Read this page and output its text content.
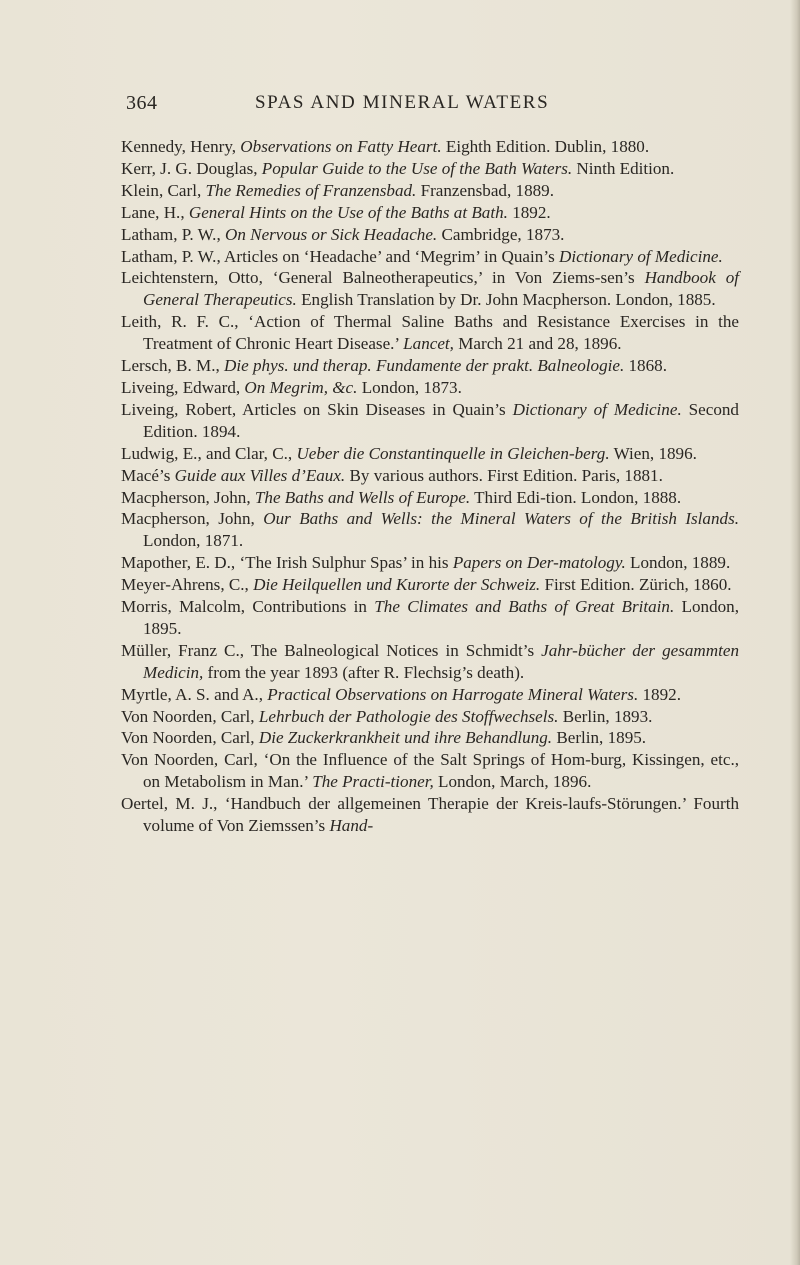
364	SPAS AND MINERAL WATERS
Kennedy, Henry, Observations on Fatty Heart. Eighth Edition. Dublin, 1880.
Kerr, J. G. Douglas, Popular Guide to the Use of the Bath Waters. Ninth Edition.
Klein, Carl, The Remedies of Franzensbad. Franzensbad, 1889.
Lane, H., General Hints on the Use of the Baths at Bath. 1892.
Latham, P. W., On Nervous or Sick Headache. Cambridge, 1873.
Latham, P. W., Articles on ‘Headache’ and ‘Megrim’ in Quain’s Dictionary of Medicine.
Leichtenstern, Otto, ‘General Balneotherapeutics,’ in Von Ziems-sen’s Handbook of General Therapeutics. English Translation by Dr. John Macpherson. London, 1885.
Leith, R. F. C., ‘Action of Thermal Saline Baths and Resistance Exercises in the Treatment of Chronic Heart Disease.’ Lancet, March 21 and 28, 1896.
Lersch, B. M., Die phys. und therap. Fundamente der prakt. Balneologie. 1868.
Liveing, Edward, On Megrim, &c. London, 1873.
Liveing, Robert, Articles on Skin Diseases in Quain’s Dictionary of Medicine. Second Edition. 1894.
Ludwig, E., and Clar, C., Ueber die Constantinquelle in Gleichen-berg. Wien, 1896.
Macé’s Guide aux Villes d’Eaux. By various authors. First Edition. Paris, 1881.
Macpherson, John, The Baths and Wells of Europe. Third Edi-tion. London, 1888.
Macpherson, John, Our Baths and Wells: the Mineral Waters of the British Islands. London, 1871.
Mapother, E. D., ‘The Irish Sulphur Spas’ in his Papers on Der-matology. London, 1889.
Meyer-Ahrens, C., Die Heilquellen und Kurorte der Schweiz. First Edition. Zürich, 1860.
Morris, Malcolm, Contributions in The Climates and Baths of Great Britain. London, 1895.
Müller, Franz C., The Balneological Notices in Schmidt’s Jahr-bücher der gesammten Medicin, from the year 1893 (after R. Flechsig’s death).
Myrtle, A. S. and A., Practical Observations on Harrogate Mineral Waters. 1892.
Von Noorden, Carl, Lehrbuch der Pathologie des Stoffwechsels. Berlin, 1893.
Von Noorden, Carl, Die Zuckerkrankheit und ihre Behandlung. Berlin, 1895.
Von Noorden, Carl, ‘On the Influence of the Salt Springs of Hom-burg, Kissingen, etc., on Metabolism in Man.’ The Practi-tioner, London, March, 1896.
Oertel, M. J., ‘Handbuch der allgemeinen Therapie der Kreis-laufs-Störungen.’ Fourth volume of Von Ziemssen’s Hand-
